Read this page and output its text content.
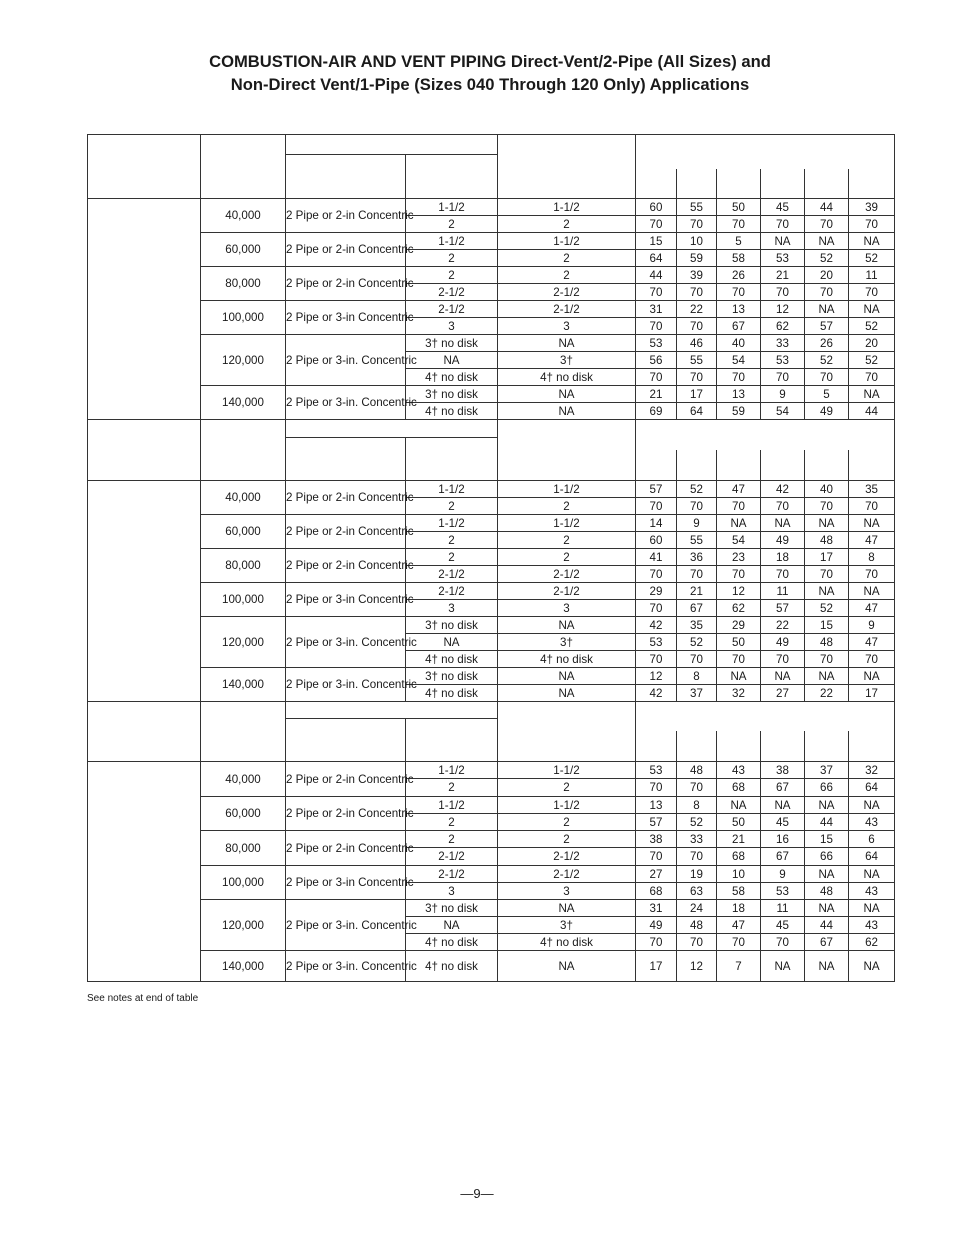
COMBUSTION-AIR AND VENT PIPING Direct-Vent/2-Pipe (All Sizes) and
Non-Direct Vent/1-Pipe (Sizes 040 Through 120 Only) Applications

	40,000	2 Pipe or 2-in Concentric	1-1/2	1-1/2	60	55	50	45	44	39
			2	2	70	70	70	70	70	70
	60,000	2 Pipe or 2-in Concentric	1-1/2	1-1/2	15	10	5	NA	NA	NA
			2	2	64	59	58	53	52	52
	80,000	2 Pipe or 2-in Concentric	2	2	44	39	26	21	20	11
			2-1/2	2-1/2	70	70	70	70	70	70
	100,000	2 Pipe or 3-in Concentric	2-1/2	2-1/2	31	22	13	12	NA	NA
			3	3	70	70	67	62	57	52
	120,000	2 Pipe or 3-in. Concentric	3† no disk	NA	53	46	40	33	26	20
			NA	3†	56	55	54	53	52	52
			4† no disk	4† no disk	70	70	70	70	70	70
	140,000	2 Pipe or 3-in. Concentric	3† no disk	NA	21	17	13	9	5	NA
			4† no disk	NA	69	64	59	54	49	44

	40,000	2 Pipe or 2-in Concentric	1-1/2	1-1/2	57	52	47	42	40	35
			2	2	70	70	70	70	70	70
	60,000	2 Pipe or 2-in Concentric	1-1/2	1-1/2	14	9	NA	NA	NA	NA
			2	2	60	55	54	49	48	47
	80,000	2 Pipe or 2-in Concentric	2	2	41	36	23	18	17	8
			2-1/2	2-1/2	70	70	70	70	70	70
	100,000	2 Pipe or 3-in Concentric	2-1/2	2-1/2	29	21	12	11	NA	NA
			3	3	70	67	62	57	52	47
	120,000	2 Pipe or 3-in. Concentric	3† no disk	NA	42	35	29	22	15	9
			NA	3†	53	52	50	49	48	47
			4† no disk	4† no disk	70	70	70	70	70	70
	140,000	2 Pipe or 3-in. Concentric	3† no disk	NA	12	8	NA	NA	NA	NA
			4† no disk	NA	42	37	32	27	22	17

	40,000	2 Pipe or 2-in Concentric	1-1/2	1-1/2	53	48	43	38	37	32
			2	2	70	70	68	67	66	64
	60,000	2 Pipe or 2-in Concentric	1-1/2	1-1/2	13	8	NA	NA	NA	NA
			2	2	57	52	50	45	44	43
	80,000	2 Pipe or 2-in Concentric	2	2	38	33	21	16	15	6
			2-1/2	2-1/2	70	70	68	67	66	64
	100,000	2 Pipe or 3-in Concentric	2-1/2	2-1/2	27	19	10	9	NA	NA
			3	3	68	63	58	53	48	43
	120,000	2 Pipe or 3-in. Concentric	3† no disk	NA	31	24	18	11	NA	NA
			NA	3†	49	48	47	45	44	43
			4† no disk	4† no disk	70	70	70	70	67	62
	140,000	2 Pipe or 3-in. Concentric	4† no disk	NA	17	12	7	NA	NA	NA
See notes at end of table
—9—
